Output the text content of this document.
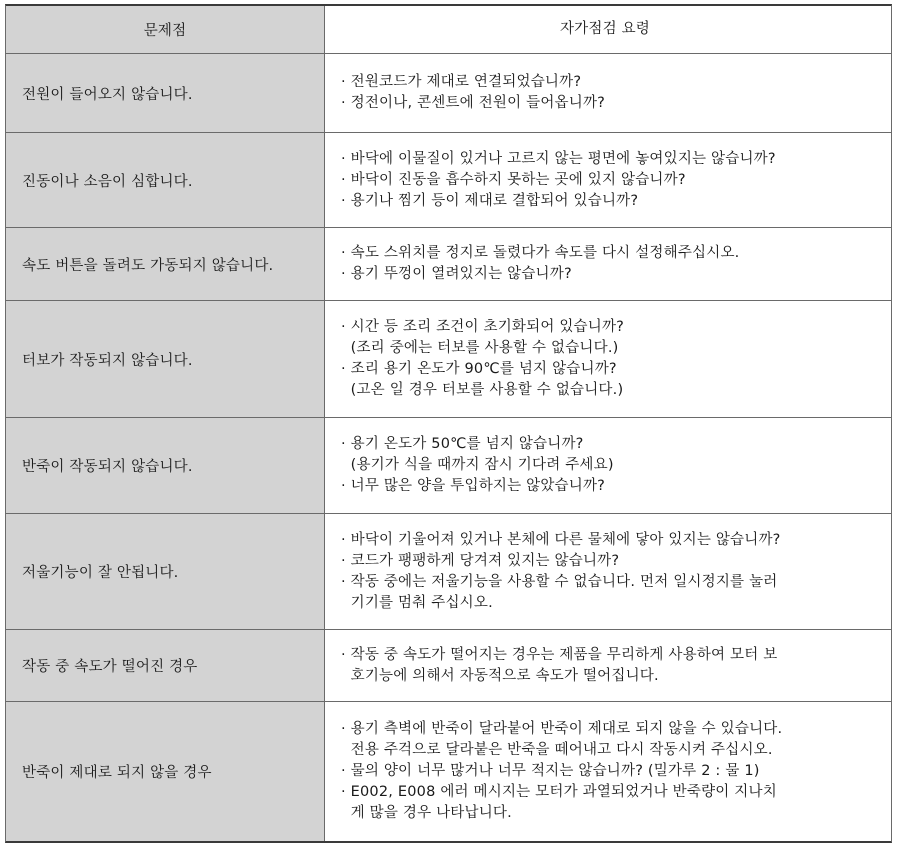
문제점	자가점검 요령
전원이 들어오지 않습니다.
· 전원코드가 제대로 연결되었습니까?
· 정전이나, 콘센트에 전원이 들어옵니까?
진동이나 소음이 심합니다.
· 바닥에 이물질이 있거나 고르지 않는 평면에 놓여있지는 않습니까?
· 바닥이 진동을 흡수하지 못하는 곳에 있지 않습니까?
· 용기나 찜기 등이 제대로 결합되어 있습니까?
속도 버튼을 돌려도 가동되지 않습니다.
· 속도 스위치를 정지로 돌렸다가 속도를 다시 설정해주십시오.
· 용기 뚜껑이 열려있지는 않습니까?
터보가 작동되지 않습니다.
· 시간 등 조리 조건이 초기화되어 있습니까?
(조리 중에는 터보를 사용할 수 없습니다.)
· 조리 용기 온도가 90℃를 넘지 않습니까?
(고온 일 경우 터보를 사용할 수 없습니다.)
반죽이 작동되지 않습니다.
· 용기 온도가 50℃를 넘지 않습니까?
(용기가 식을 때까지 잠시 기다려 주세요)
· 너무 많은 양을 투입하지는 않았습니까?
저울기능이 잘 안됩니다.
· 바닥이 기울어져 있거나 본체에 다른 물체에 닿아 있지는 않습니까?
· 코드가 팽팽하게 당겨져 있지는 않습니까?
· 작동 중에는 저울기능을 사용할 수 없습니다. 먼저 일시정지를 눌러
기기를 멈춰 주십시오.
작동 중 속도가 떨어진 경우
· 작동 중 속도가 떨어지는 경우는 제품을 무리하게 사용하여 모터 보
호기능에 의해서 자동적으로 속도가 떨어집니다.
반죽이 제대로 되지 않을 경우
· 용기 측벽에 반죽이 달라붙어 반죽이 제대로 되지 않을 수 있습니다.
전용 주걱으로 달라붙은 반죽을 떼어내고 다시 작동시켜 주십시오.
· 물의 양이 너무 많거나 너무 적지는 않습니까? (밀가루 2 : 물 1)
· E002, E008 에러 메시지는 모터가 과열되었거나 반죽량이 지나치
게 많을 경우 나타납니다.
